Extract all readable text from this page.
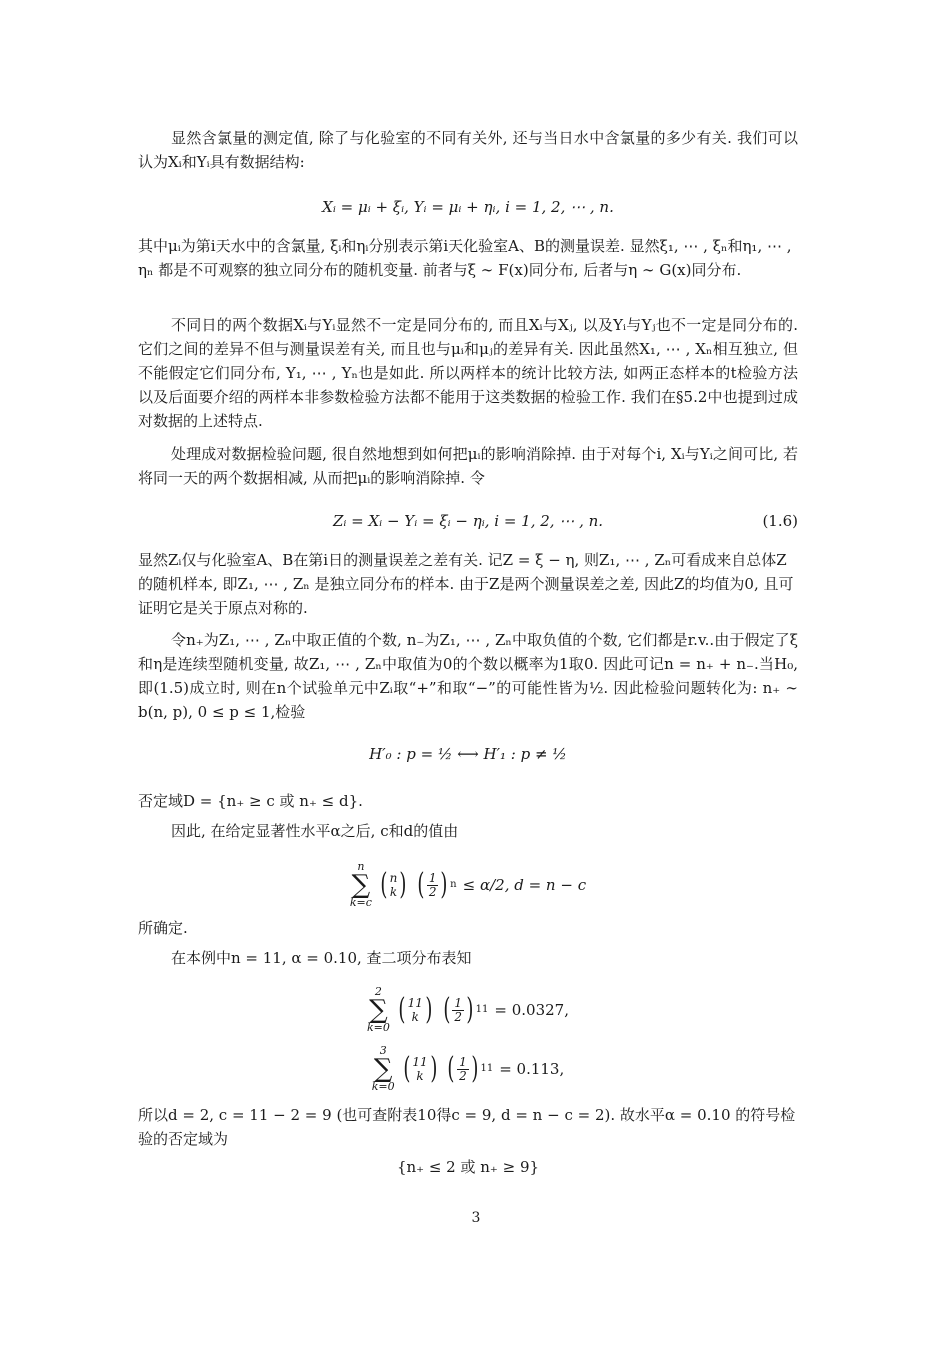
显然含氯量的测定值, 除了与化验室的不同有关外, 还与当日水中含氯量的多少有关. 我们可以认为Xᵢ和Yᵢ具有数据结构:

Xᵢ = μᵢ + ξᵢ, Yᵢ = μᵢ + ηᵢ, i = 1, 2, ⋯ , n.

其中μᵢ为第i天水中的含氯量, ξᵢ和ηᵢ分别表示第i天化验室A、B的测量误差. 显然ξ₁, ⋯ , ξₙ和η₁, ⋯ , ηₙ 都是不可观察的独立同分布的随机变量. 前者与ξ ∼ F(x)同分布, 后者与η ∼ G(x)同分布.

不同日的两个数据Xᵢ与Yᵢ显然不一定是同分布的, 而且Xᵢ与Xⱼ, 以及Yᵢ与Yⱼ也不一定是同分布的. 它们之间的差异不但与测量误差有关, 而且也与μᵢ和μⱼ的差异有关. 因此虽然X₁, ⋯ , Xₙ相互独立, 但不能假定它们同分布, Y₁, ⋯ , Yₙ也是如此. 所以两样本的统计比较方法, 如两正态样本的t检验方法以及后面要介绍的两样本非参数检验方法都不能用于这类数据的检验工作. 我们在§5.2中也提到过成对数据的上述特点.

处理成对数据检验问题, 很自然地想到如何把μᵢ的影响消除掉. 由于对每个i, Xᵢ与Yᵢ之间可比, 若将同一天的两个数据相减, 从而把μᵢ的影响消除掉. 令

Zᵢ = Xᵢ − Yᵢ = ξᵢ − ηᵢ, i = 1, 2, ⋯ , n.	(1.6)

显然Zᵢ仅与化验室A、B在第i日的测量误差之差有关. 记Z = ξ − η, 则Z₁, ⋯ , Zₙ可看成来自总体Z的随机样本, 即Z₁, ⋯ , Zₙ 是独立同分布的样本. 由于Z是两个测量误差之差, 因此Z的均值为0, 且可证明它是关于原点对称的.

令n₊为Z₁, ⋯ , Zₙ中取正值的个数, n₋为Z₁, ⋯ , Zₙ中取负值的个数, 它们都是r.v..由于假定了ξ和η是连续型随机变量, 故Z₁, ⋯ , Zₙ中取值为0的个数以概率为1取0. 因此可记n = n₊ + n₋.当H₀,即(1.5)成立时, 则在n个试验单元中Zᵢ取“+”和取“−”的可能性皆为½. 因此检验问题转化为: n₊ ∼ b(n, p), 0 ≤ p ≤ 1,检验

H′₀ : p = ½ ⟷ H′₁ : p ≠ ½

否定域D = {n₊ ≥ c 或 n₊ ≤ d}.

因此, 在给定显著性水平α之后, c和d的值由

n
∑
k=c
( n
k ) ( $\frac{1}{2}$ ) n ≤ α/2, d = n − c

所确定.

在本例中n = 11, α = 0.10, 查二项分布表知

2
∑
k=0
( 11
k ) ( $\frac{1}{2}$ ) 11 = 0.0327,
3
∑
k=0
( 11
k ) ( $\frac{1}{2}$ ) 11 = 0.113,

所以d = 2, c = 11 − 2 = 9 (也可查附表10得c = 9, d = n − c = 2). 故水平α = 0.10 的符号检验的否定域为

{n₊ ≤ 2 或 n₊ ≥ 9}
3
